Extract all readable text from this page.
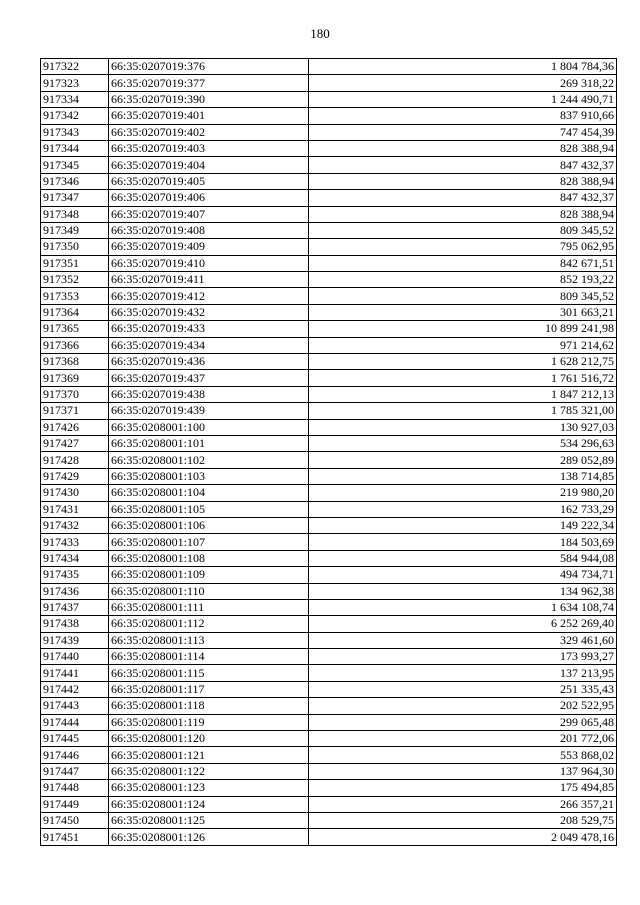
180
917322	66:35:0207019:376	1 804 784,36
917323	66:35:0207019:377	269 318,22
917334	66:35:0207019:390	1 244 490,71
917342	66:35:0207019:401	837 910,66
917343	66:35:0207019:402	747 454,39
917344	66:35:0207019:403	828 388,94
917345	66:35:0207019:404	847 432,37
917346	66:35:0207019:405	828 388,94
917347	66:35:0207019:406	847 432,37
917348	66:35:0207019:407	828 388,94
917349	66:35:0207019:408	809 345,52
917350	66:35:0207019:409	795 062,95
917351	66:35:0207019:410	842 671,51
917352	66:35:0207019:411	852 193,22
917353	66:35:0207019:412	809 345,52
917364	66:35:0207019:432	301 663,21
917365	66:35:0207019:433	10 899 241,98
917366	66:35:0207019:434	971 214,62
917368	66:35:0207019:436	1 628 212,75
917369	66:35:0207019:437	1 761 516,72
917370	66:35:0207019:438	1 847 212,13
917371	66:35:0207019:439	1 785 321,00
917426	66:35:0208001:100	130 927,03
917427	66:35:0208001:101	534 296,63
917428	66:35:0208001:102	289 052,89
917429	66:35:0208001:103	138 714,85
917430	66:35:0208001:104	219 980,20
917431	66:35:0208001:105	162 733,29
917432	66:35:0208001:106	149 222,34
917433	66:35:0208001:107	184 503,69
917434	66:35:0208001:108	584 944,08
917435	66:35:0208001:109	494 734,71
917436	66:35:0208001:110	134 962,38
917437	66:35:0208001:111	1 634 108,74
917438	66:35:0208001:112	6 252 269,40
917439	66:35:0208001:113	329 461,60
917440	66:35:0208001:114	173 993,27
917441	66:35:0208001:115	137 213,95
917442	66:35:0208001:117	251 335,43
917443	66:35:0208001:118	202 522,95
917444	66:35:0208001:119	299 065,48
917445	66:35:0208001:120	201 772,06
917446	66:35:0208001:121	553 868,02
917447	66:35:0208001:122	137 964,30
917448	66:35:0208001:123	175 494,85
917449	66:35:0208001:124	266 357,21
917450	66:35:0208001:125	208 529,75
917451	66:35:0208001:126	2 049 478,16
